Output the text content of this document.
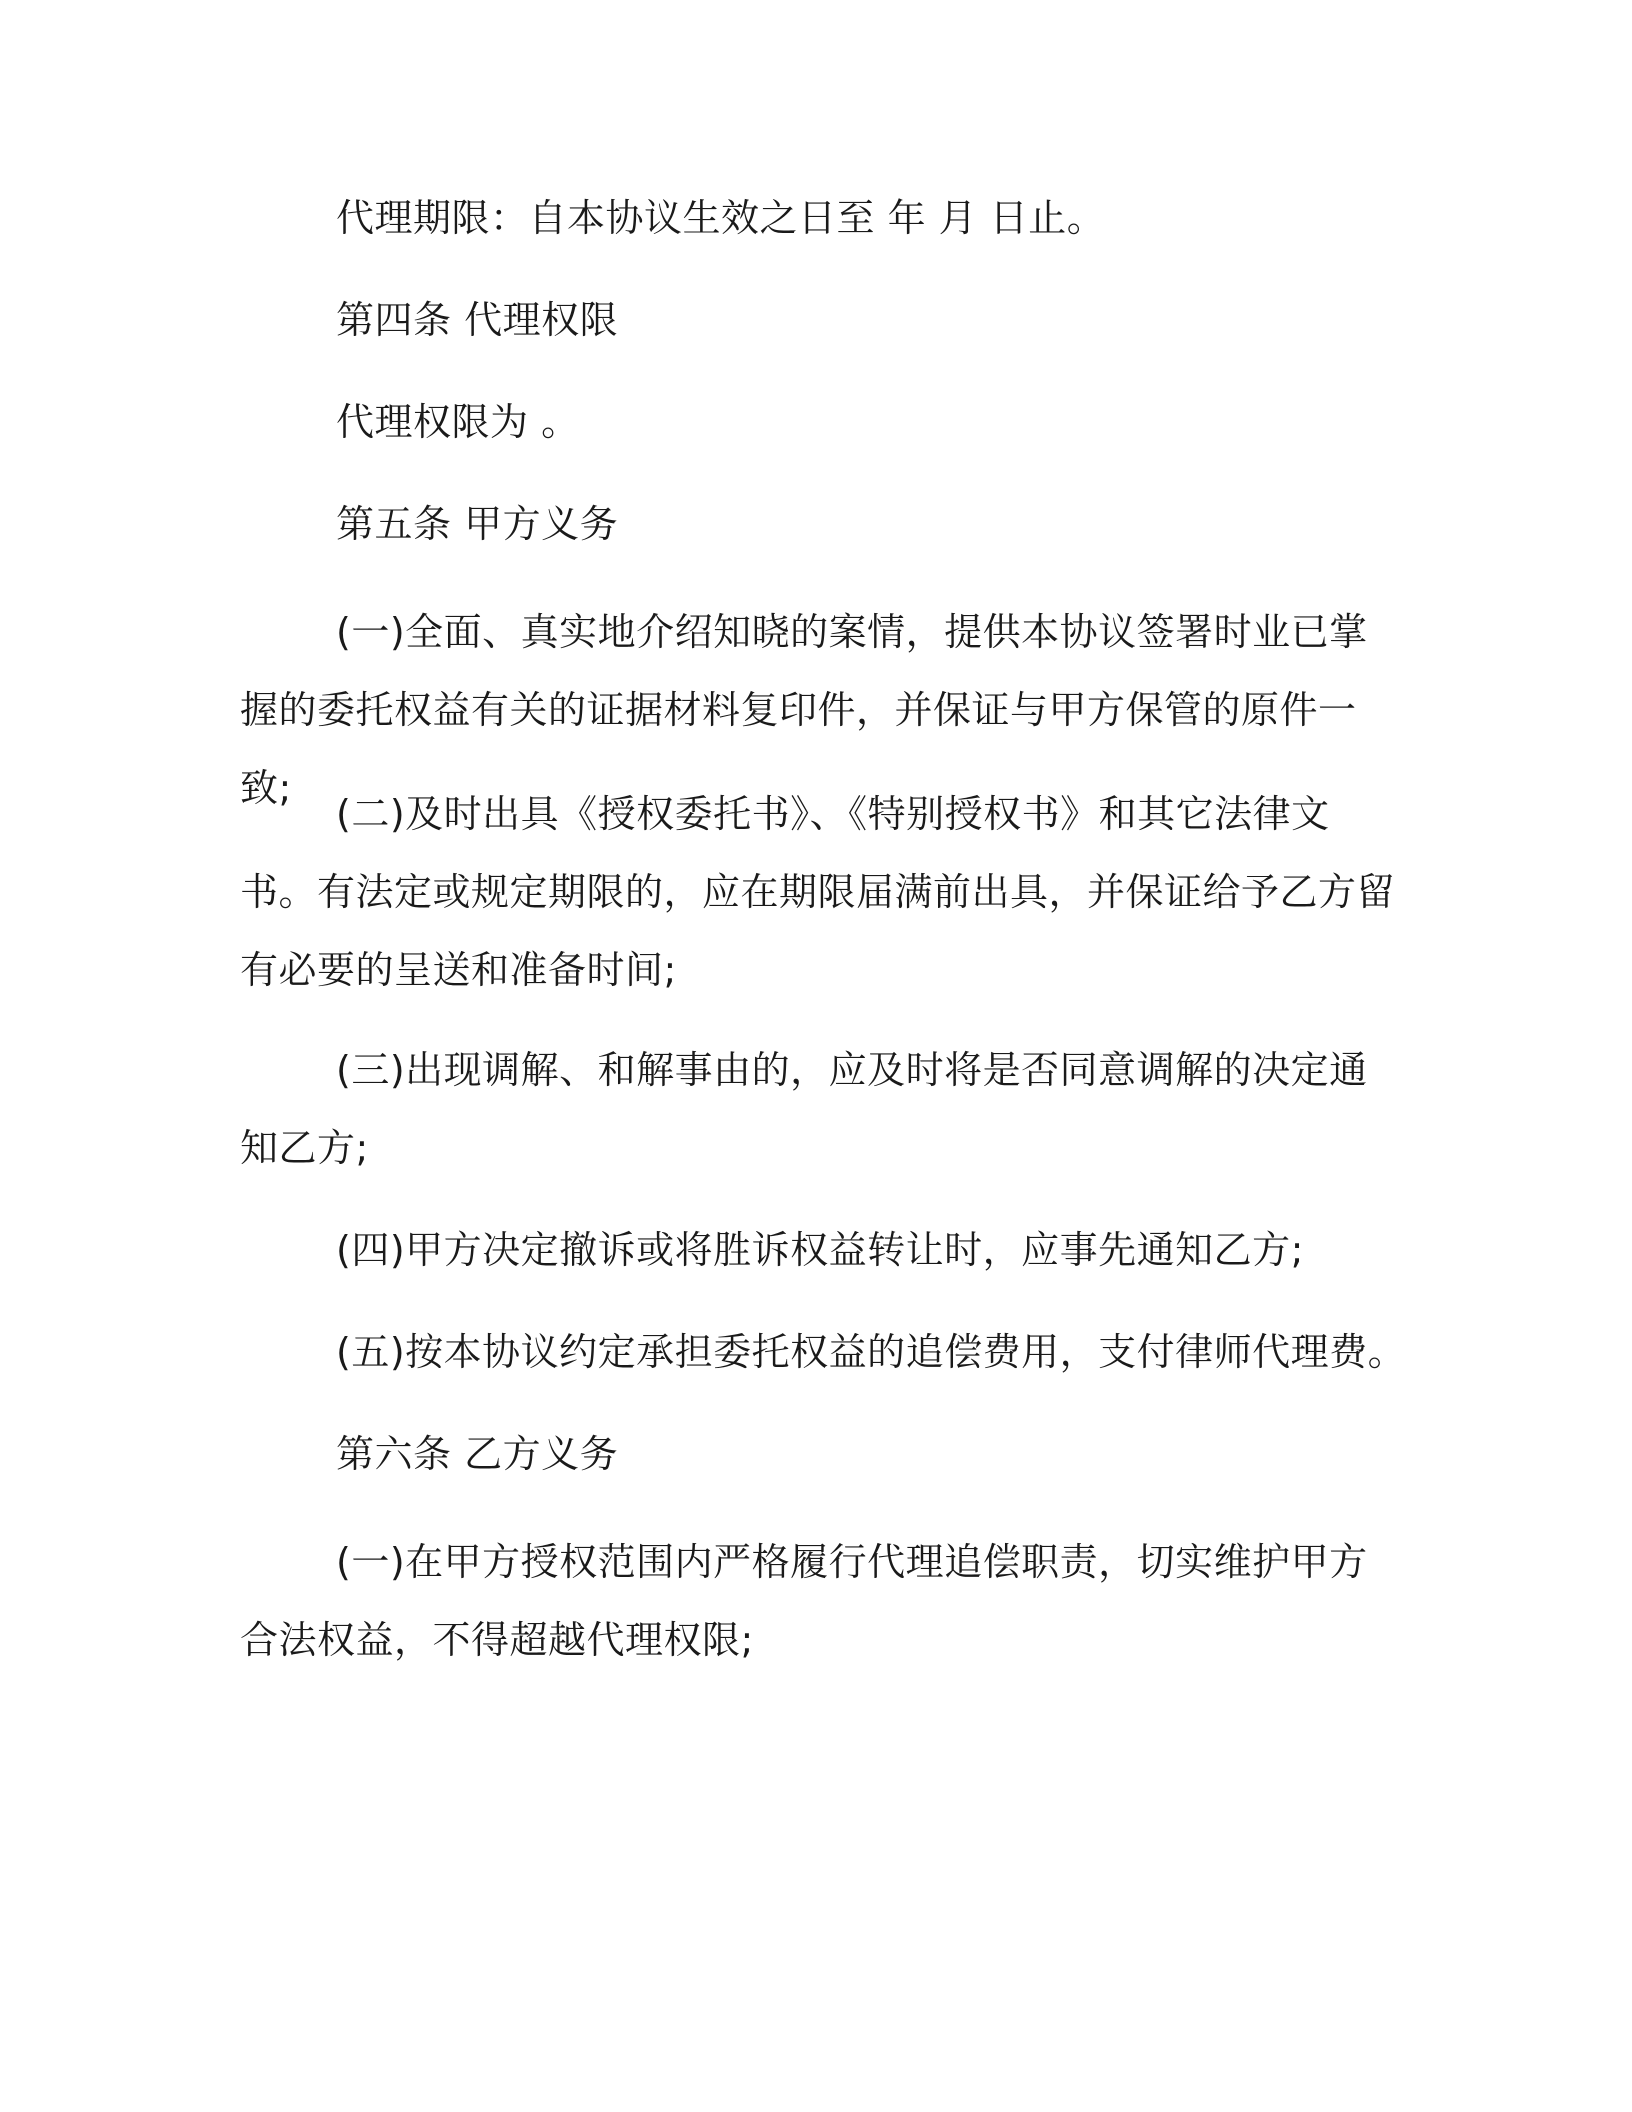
代理期限：自本协议生效之日至 年 月 日止。

第四条 代理权限

代理权限为 。

第五条 甲方义务

(一)全面、真实地介绍知晓的案情，提供本协议签署时业已掌握的委托权益有关的证据材料复印件，并保证与甲方保管的原件一致;

(二)及时出具《授权委托书》、《特别授权书》和其它法律文书。有法定或规定期限的，应在期限届满前出具，并保证给予乙方留有必要的呈送和准备时间;

(三)出现调解、和解事由的，应及时将是否同意调解的决定通知乙方;

(四)甲方决定撤诉或将胜诉权益转让时，应事先通知乙方;

(五)按本协议约定承担委托权益的追偿费用，支付律师代理费。

第六条 乙方义务

(一)在甲方授权范围内严格履行代理追偿职责，切实维护甲方合法权益，不得超越代理权限;
